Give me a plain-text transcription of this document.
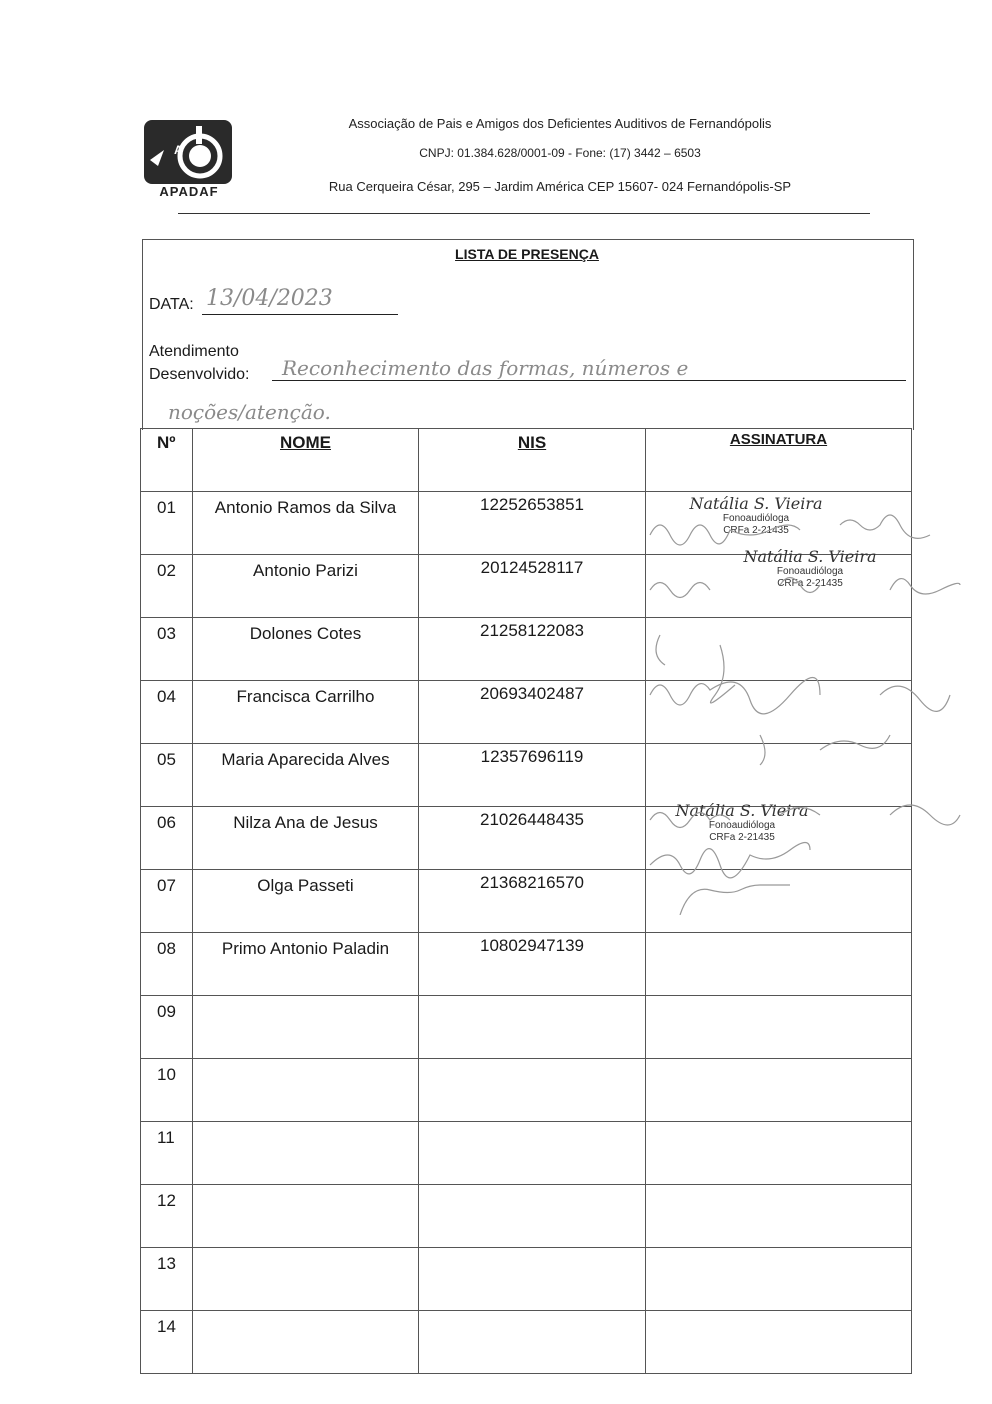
A
APADAF
Associação de Pais e Amigos dos Deficientes Auditivos de Fernandópolis
CNPJ: 01.384.628/0001-09 - Fone: (17) 3442 – 6503
Rua Cerqueira César, 295 – Jardim América CEP 15607- 024 Fernandópolis-SP
LISTA DE PRESENÇA
DATA: 13/04/2023
Atendimento
Desenvolvido: Reconhecimento das formas, números e
noções/atenção.
Nº	NOME	NIS	ASSINATURA
01	Antonio Ramos da Silva	12252653851	Natália S. Vieira
Fonoaudióloga
CRFa 2-21435

02	Antonio Parizi	20124528117	Natália S. Vieira
Fonoaudióloga
CRFa 2-21435

03	Dolones Cotes	21258122083	
04	Francisca Carrilho	20693402487	
05	Maria Aparecida Alves	12357696119	
06	Nilza Ana de Jesus	21026448435	Natália S. Vieira
Fonoaudióloga
CRFa 2-21435

07	Olga Passeti	21368216570	
08	Primo Antonio Paladin	10802947139	
09			
10			
11			
12			
13			
14			
